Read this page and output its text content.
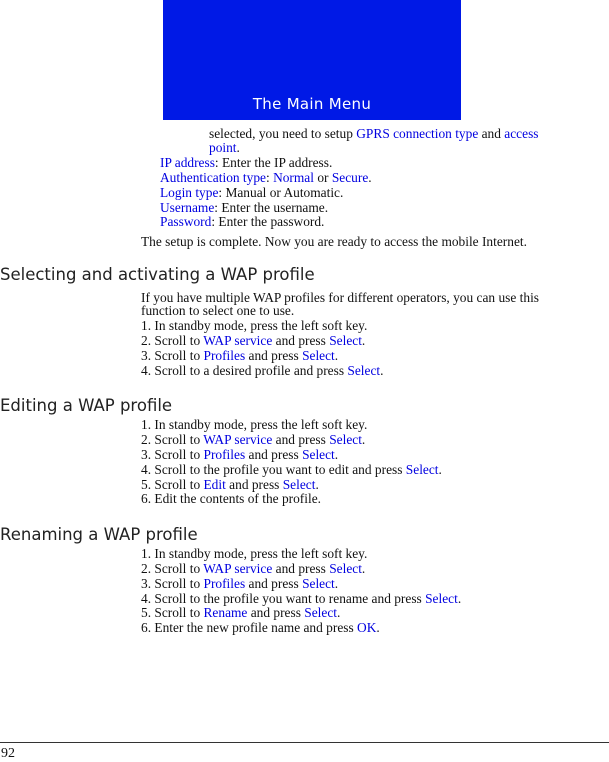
The Main Menu
selected, you need to setup GPRS connection type and access
point.
IP address: Enter the IP address.
Authentication type: Normal or Secure.
Login type: Manual or Automatic.
Username: Enter the username.
Password: Enter the password.
The setup is complete. Now you are ready to access the mobile Internet.
Selecting and activating a WAP profile
If you have multiple WAP profiles for different operators, you can use this
function to select one to use.
1. In standby mode, press the left soft key.
2. Scroll to WAP service and press Select.
3. Scroll to Profiles and press Select.
4. Scroll to a desired profile and press Select.
Editing a WAP profile
1. In standby mode, press the left soft key.
2. Scroll to WAP service and press Select.
3. Scroll to Profiles and press Select.
4. Scroll to the profile you want to edit and press Select.
5. Scroll to Edit and press Select.
6. Edit the contents of the profile.
Renaming a WAP profile
1. In standby mode, press the left soft key.
2. Scroll to WAP service and press Select.
3. Scroll to Profiles and press Select.
4. Scroll to the profile you want to rename and press Select.
5. Scroll to Rename and press Select.
6. Enter the new profile name and press OK.
92
